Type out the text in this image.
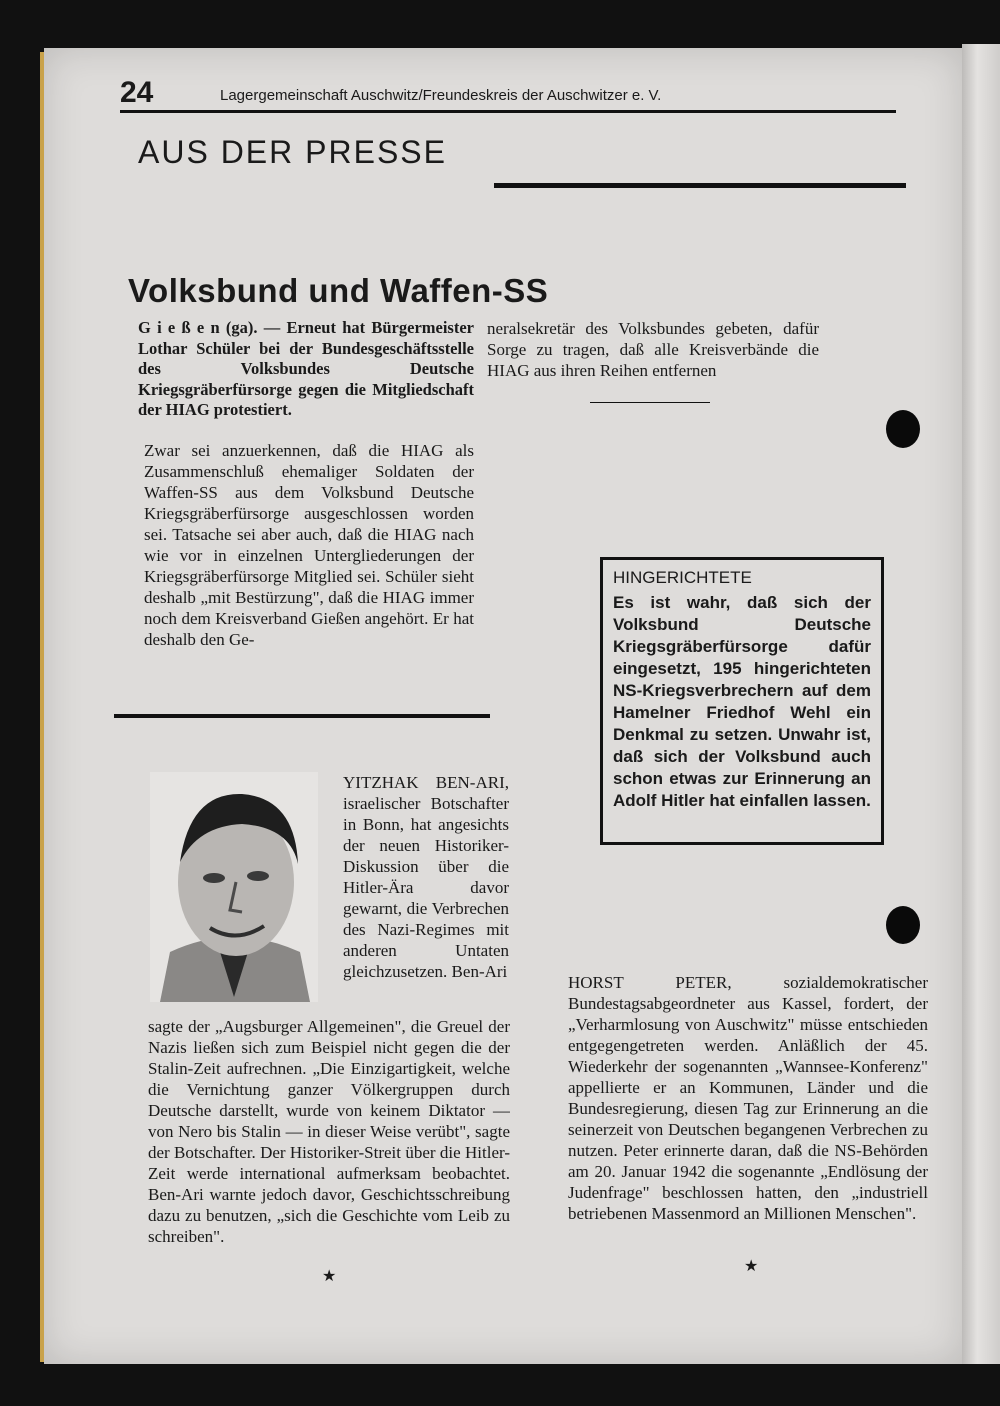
24	Lagergemeinschaft Auschwitz/Freundeskreis der Auschwitzer e. V.
AUS DER PRESSE
Volksbund und Waffen-SS
G i e ß e n (ga). — Erneut hat Bürgermeister Lothar Schüler bei der Bundesgeschäftsstelle des Volksbundes Deutsche Kriegsgräberfürsorge gegen die Mitgliedschaft der HIAG protestiert.
Zwar sei anzuerkennen, daß die HIAG als Zusammenschluß ehemaliger Soldaten der Waffen-SS aus dem Volksbund Deutsche Kriegsgräberfürsorge ausgeschlossen worden sei. Tatsache sei aber auch, daß die HIAG nach wie vor in einzelnen Untergliederungen der Kriegsgräberfürsorge Mitglied sei. Schüler sieht deshalb „mit Bestürzung", daß die HIAG immer noch dem Kreisverband Gießen angehört. Er hat deshalb den Ge-
neralsekretär des Volksbundes gebeten, dafür Sorge zu tragen, daß alle Kreisverbände die HIAG aus ihren Reihen entfernen
HINGERICHTETE
Es ist wahr, daß sich der Volksbund Deutsche Kriegsgräberfürsorge dafür eingesetzt, 195 hingerichteten NS-Kriegsverbrechern auf dem Hamelner Friedhof Wehl ein Denkmal zu setzen. Unwahr ist, daß sich der Volksbund auch schon etwas zur Erinnerung an Adolf Hitler hat einfallen lassen.
YITZHAK BEN-ARI, israelischer Botschafter in Bonn, hat angesichts der neuen Historiker-Diskussion über die Hitler-Ära davor gewarnt, die Verbrechen des Nazi-Regimes mit anderen Untaten gleichzusetzen. Ben-Ari
sagte der „Augsburger Allgemeinen", die Greuel der Nazis ließen sich zum Beispiel nicht gegen die der Stalin-Zeit aufrechnen. „Die Einzigartigkeit, welche die Vernichtung ganzer Völkergruppen durch Deutsche darstellt, wurde von keinem Diktator — von Nero bis Stalin — in dieser Weise verübt", sagte der Botschafter. Der Historiker-Streit über die Hitler-Zeit werde international aufmerksam beobachtet. Ben-Ari warnte jedoch davor, Geschichtsschreibung dazu zu benutzen, „sich die Geschichte vom Leib zu schreiben".
★
HORST PETER, sozialdemokratischer Bundestagsabgeordneter aus Kassel, fordert, der „Verharmlosung von Auschwitz" müsse entschieden entgegengetreten werden. Anläßlich der 45. Wiederkehr der sogenannten „Wannsee-Konferenz" appellierte er an Kommunen, Länder und die Bundesregierung, diesen Tag zur Erinnerung an die seinerzeit von Deutschen begangenen Verbrechen zu nutzen. Peter erinnerte daran, daß die NS-Behörden am 20. Januar 1942 die sogenannte „Endlösung der Judenfrage" beschlossen hatten, den „industriell betriebenen Massenmord an Millionen Menschen".
★
